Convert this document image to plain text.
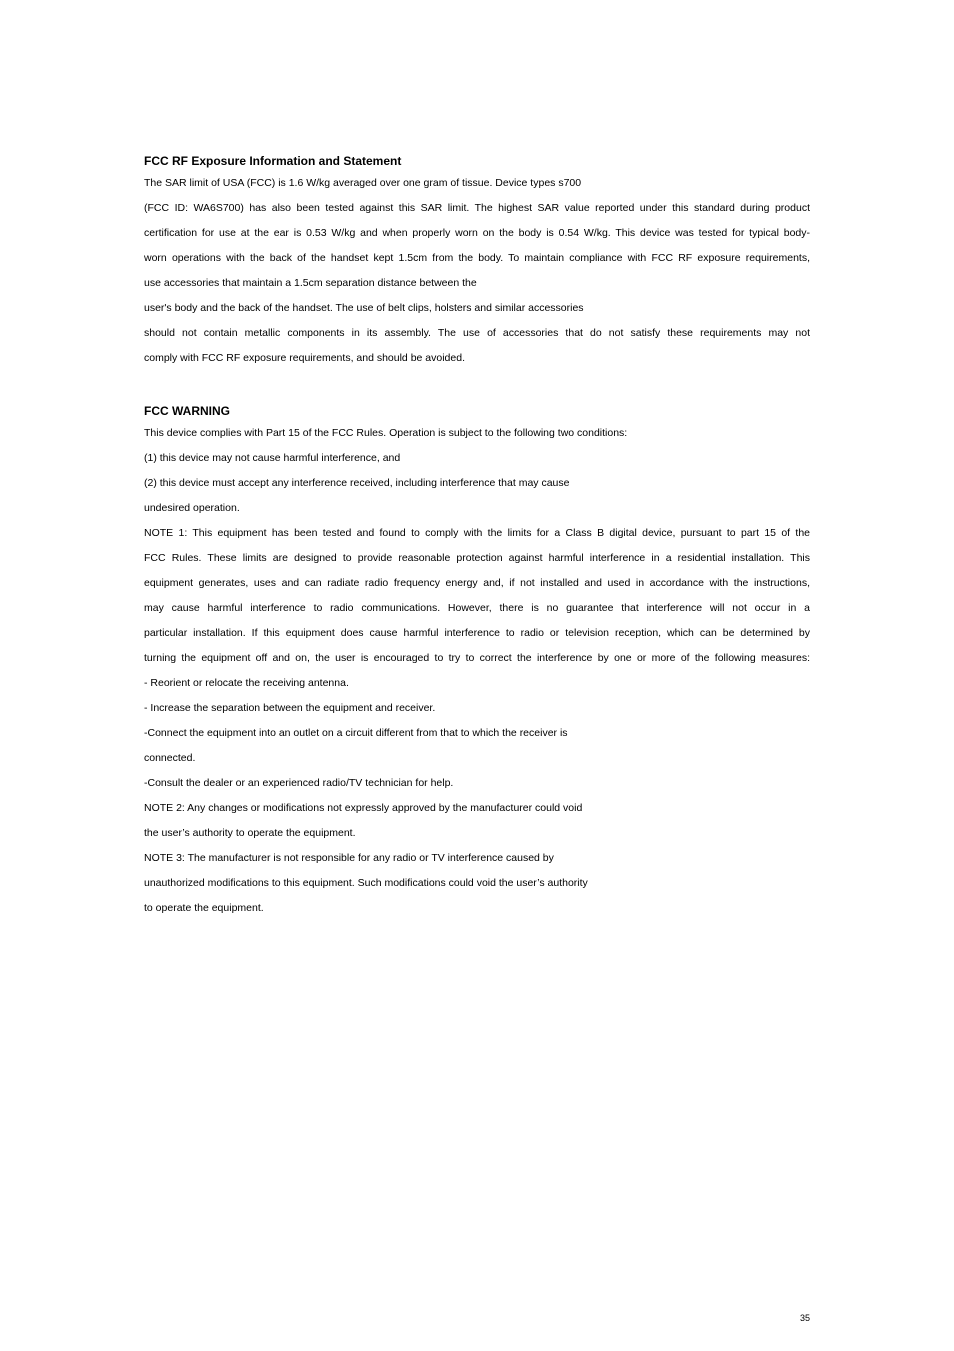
FCC RF Exposure Information and Statement

The SAR limit of USA (FCC) is 1.6 W/kg averaged over one gram of tissue. Device types s700

(FCC ID: WA6S700) has also been tested against this SAR limit. The highest SAR value reported under this standard during product

certification for use at the ear is 0.53 W/kg and when properly worn on the body is 0.54 W/kg. This device was tested for typical body-

worn operations with the back of the handset kept 1.5cm from the body. To maintain compliance with FCC RF exposure requirements,

use accessories that maintain a 1.5cm separation distance between the

user's body and the back of the handset. The use of belt clips, holsters and similar accessories

should not contain metallic components in its assembly. The use of accessories that do not satisfy these requirements may not

comply with FCC RF exposure requirements, and should be avoided.

FCC WARNING

This device complies with Part 15 of the FCC Rules. Operation is subject to the following two conditions:

(1) this device may not cause harmful interference, and

(2) this device must accept any interference received, including interference that may cause

undesired operation.

NOTE 1: This equipment has been tested and found to comply with the limits for a Class B digital device, pursuant to part 15 of the

FCC Rules. These limits are designed to provide reasonable protection against harmful interference in a residential installation. This

equipment generates, uses and can radiate radio frequency energy and, if not installed and used in accordance with the instructions,

may cause harmful interference to radio communications. However, there is no guarantee that interference will not occur in a

particular installation. If this equipment does cause harmful interference to radio or television reception, which can be determined by

turning the equipment off and on, the user is encouraged to try to correct the interference by one or more of the following measures:

- Reorient or relocate the receiving antenna.

- Increase the separation between the equipment and receiver.

-Connect the equipment into an outlet on a circuit different from that to which the receiver is

connected.

-Consult the dealer or an experienced radio/TV technician for help.

NOTE 2: Any changes or modifications not expressly approved by the manufacturer could void

the user’s authority to operate the equipment.

NOTE 3: The manufacturer is not responsible for any radio or TV interference caused by

unauthorized modifications to this equipment. Such modifications could void the user’s authority

to operate the equipment.

35
